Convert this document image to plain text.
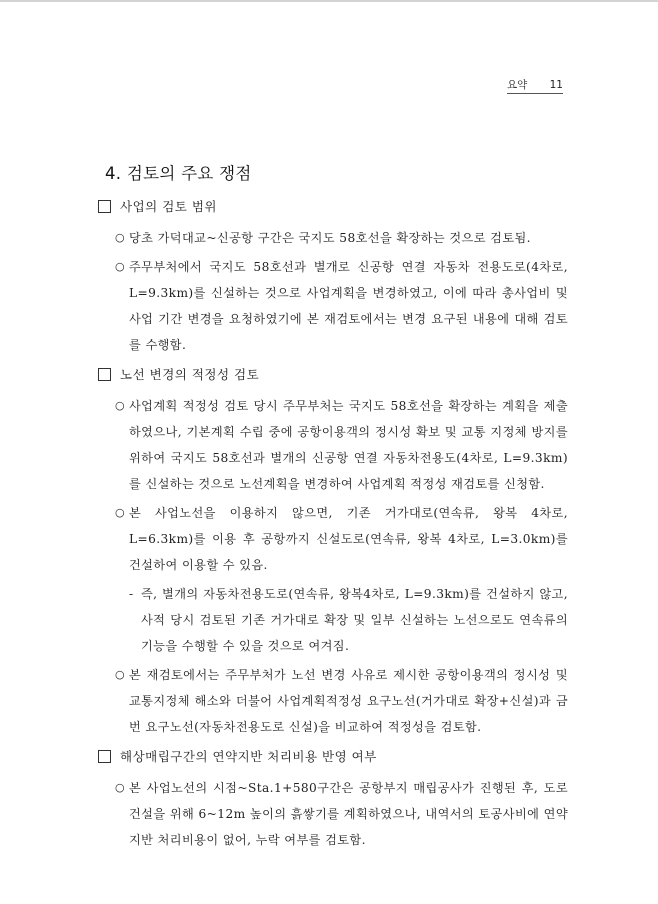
요약 11
4. 검토의 주요 쟁점
사업의 검토 범위
○ 당초 가덕대교~신공항 구간은 국지도 58호선을 확장하는 것으로 검토됨.
○ 주무부처에서 국지도 58호선과 별개로 신공항 연결 자동차 전용도로(4차로, L=9.3km)를 신설하는 것으로 사업계획을 변경하였고, 이에 따라 총사업비 및 사업 기간 변경을 요청하였기에 본 재검토에서는 변경 요구된 내용에 대해 검토를 수행함.
노선 변경의 적정성 검토
○ 사업계획 적정성 검토 당시 주무부처는 국지도 58호선을 확장하는 계획을 제출하였으나, 기본계획 수립 중에 공항이용객의 정시성 확보 및 교통 지정체 방지를 위하여 국지도 58호선과 별개의 신공항 연결 자동차전용도(4차로, L=9.3km)를 신설하는 것으로 노선계획을 변경하여 사업계획 적정성 재검토를 신청함.
○ 본 사업노선을 이용하지 않으면, 기존 거가대로(연속류, 왕복 4차로, L=6.3km)를 이용 후 공항까지 신설도로(연속류, 왕복 4차로, L=3.0km)를 건설하여 이용할 수 있음.
- 즉, 별개의 자동차전용도로(연속류, 왕복4차로, L=9.3km)를 건설하지 않고, 사적 당시 검토된 기존 거가대로 확장 및 일부 신설하는 노선으로도 연속류의 기능을 수행할 수 있을 것으로 여겨짐.
○ 본 재검토에서는 주무부처가 노선 변경 사유로 제시한 공항이용객의 정시성 및 교통지정체 해소와 더불어 사업계획적정성 요구노선(거가대로 확장+신설)과 금번 요구노선(자동차전용도로 신설)을 비교하여 적정성을 검토함.
해상매립구간의 연약지반 처리비용 반영 여부
○ 본 사업노선의 시점~Sta.1+580구간은 공항부지 매립공사가 진행된 후, 도로 건설을 위해 6~12m 높이의 흙쌓기를 계획하였으나, 내역서의 토공사비에 연약지반 처리비용이 없어, 누락 여부를 검토함.
